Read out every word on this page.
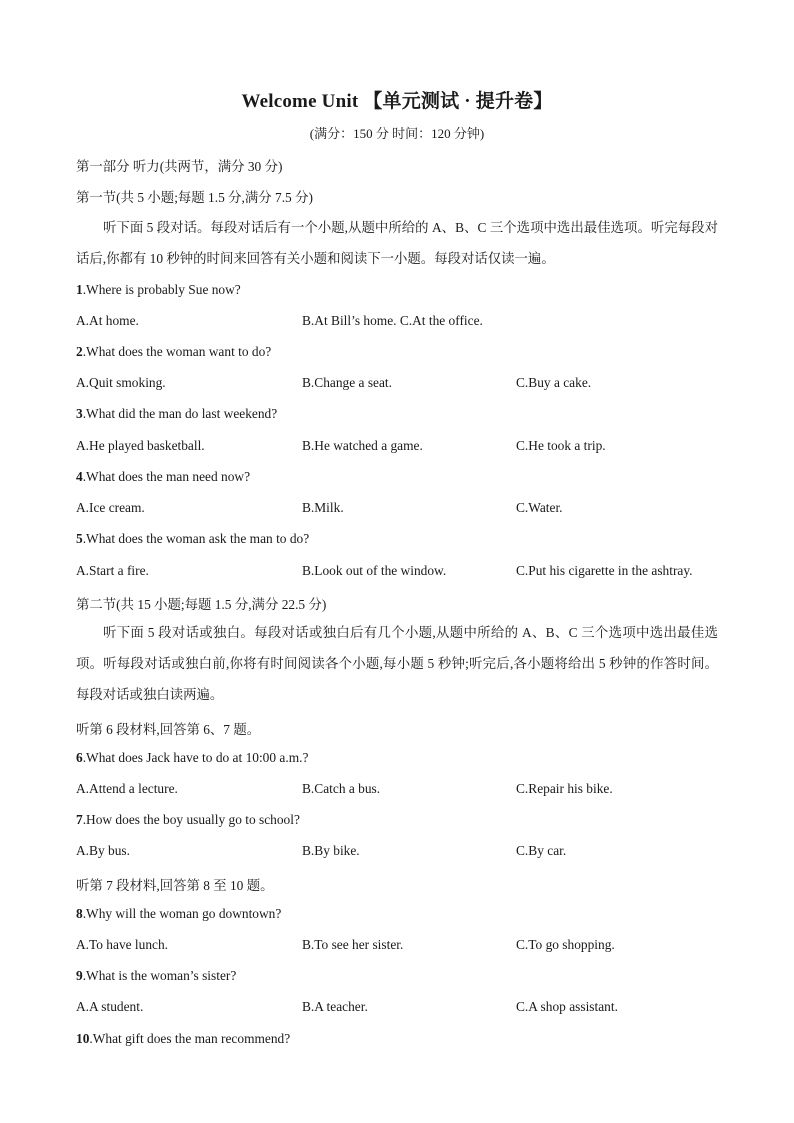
Welcome Unit 【单元测试 · 提升卷】
(满分：150 分 时间：120 分钟)
第一部分 听力(共两节，满分 30 分)
第一节(共 5 小题;每题 1.5 分,满分 7.5 分)
听下面 5 段对话。每段对话后有一个小题,从题中所给的 A、B、C 三个选项中选出最佳选项。听完每段对话后,你都有 10 秒钟的时间来回答有关小题和阅读下一小题。每段对话仅读一遍。
1.Where is probably Sue now?
A.At home.	B.At Bill’s home. C.At the office.
2.What does the woman want to do?
A.Quit smoking.	B.Change a seat.	C.Buy a cake.
3.What did the man do last weekend?
A.He played basketball.	B.He watched a game.	C.He took a trip.
4.What does the man need now?
A.Ice cream.	B.Milk.	C.Water.
5.What does the woman ask the man to do?
A.Start a fire.	B.Look out of the window.	C.Put his cigarette in the ashtray.
第二节(共 15 小题;每题 1.5 分,满分 22.5 分)
听下面 5 段对话或独白。每段对话或独白后有几个小题,从题中所给的 A、B、C 三个选项中选出最佳选项。听每段对话或独白前,你将有时间阅读各个小题,每小题 5 秒钟;听完后,各小题将给出 5 秒钟的作答时间。每段对话或独白读两遍。
听第 6 段材料,回答第 6、7 题。
6.What does Jack have to do at 10:00 a.m.?
A.Attend a lecture.	B.Catch a bus.	C.Repair his bike.
7.How does the boy usually go to school?
A.By bus.	B.By bike.	C.By car.
听第 7 段材料,回答第 8 至 10 题。
8.Why will the woman go downtown?
A.To have lunch.	B.To see her sister.	C.To go shopping.
9.What is the woman’s sister?
A.A student.	B.A teacher.	C.A shop assistant.
10.What gift does the man recommend?
